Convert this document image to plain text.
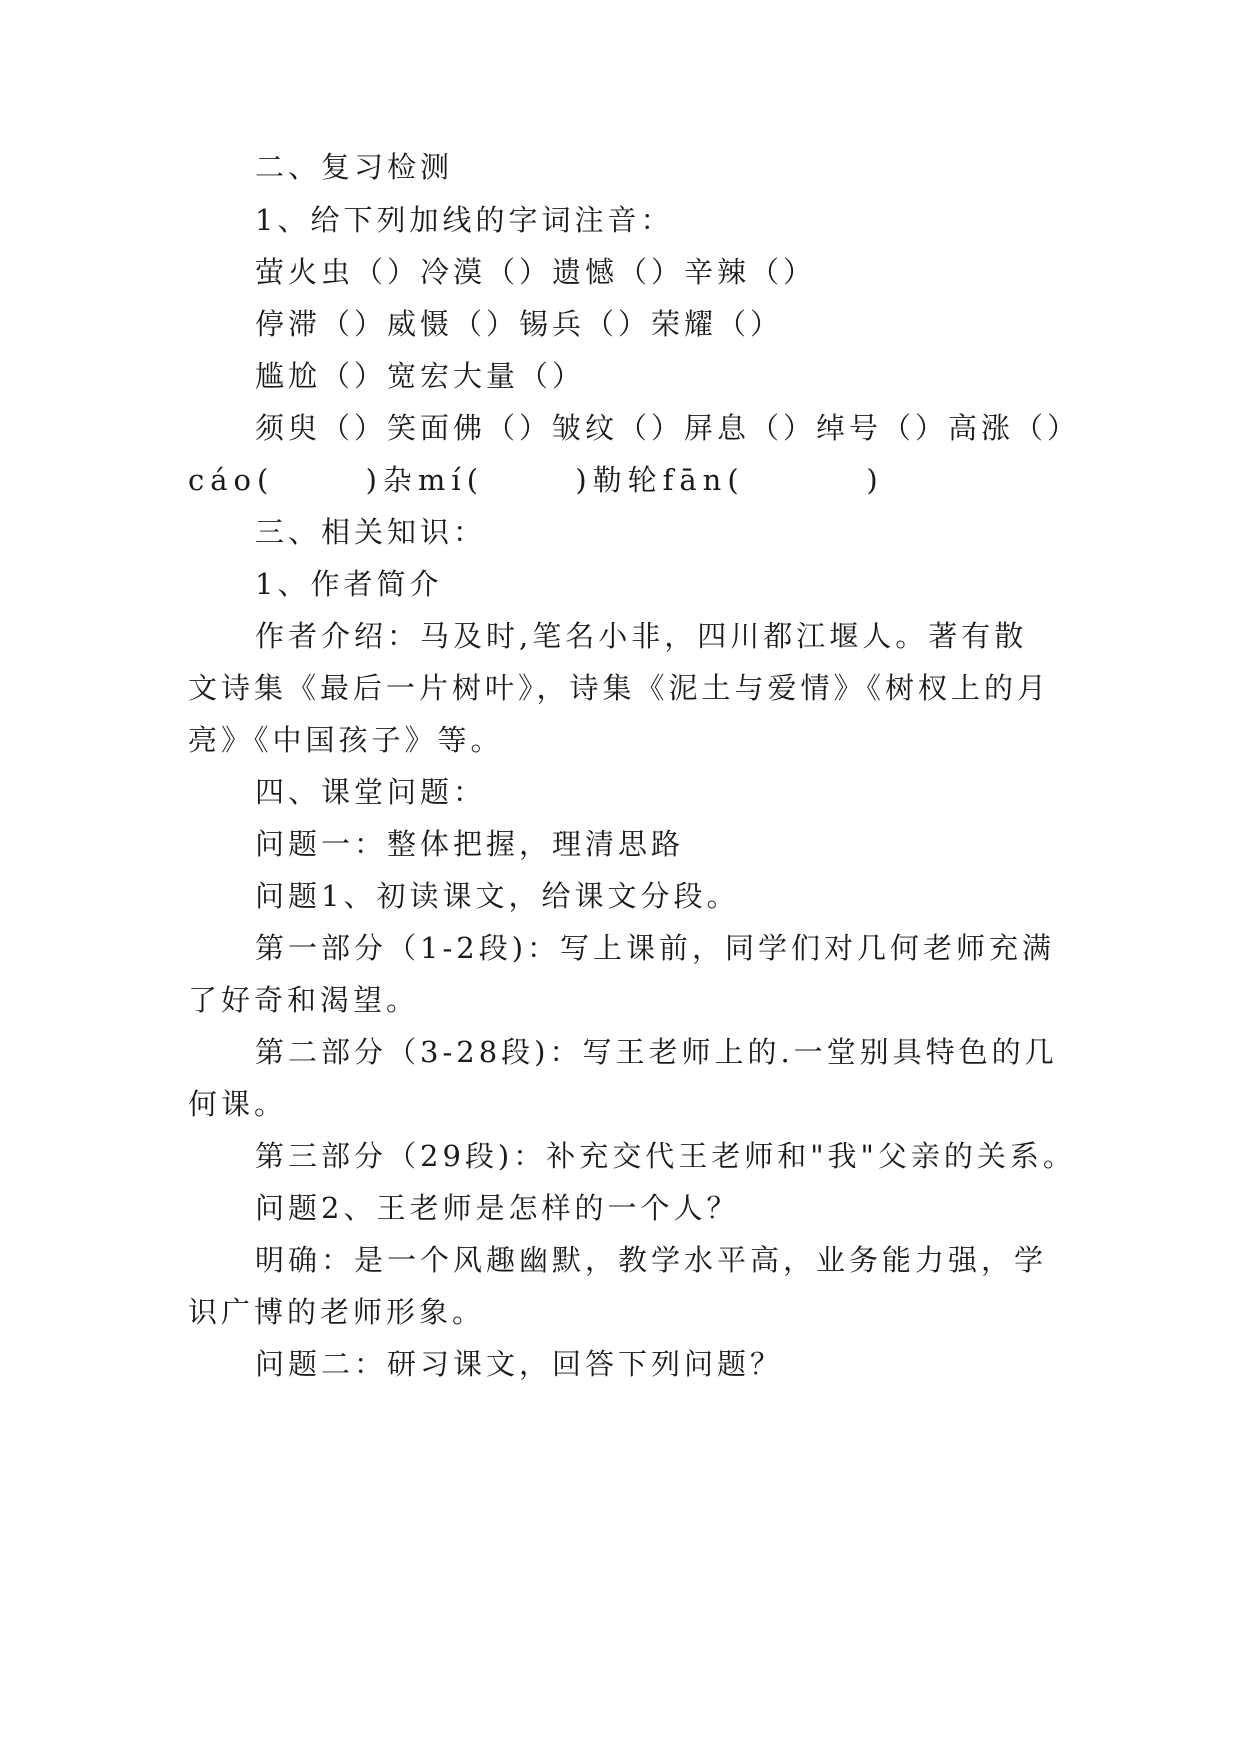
二、复习检测
1、给下列加线的字词注音：
萤火虫（）冷漠（）遗憾（）辛辣（）
停滞（）威慑（）锡兵（）荣耀（）
尴尬（）宽宏大量（）
须臾（）笑面佛（）皱纹（）屏息（）绰号（）高涨（）
cáo(      )杂mí(      )勒轮fān(        )
三、相关知识：
1、作者简介
作者介绍：马及时,笔名小非，四川都江堰人。著有散
文诗集《最后一片树叶》，诗集《泥土与爱情》《树杈上的月
亮》《中国孩子》等。
四、课堂问题：
问题一：整体把握，理清思路
问题1、初读课文，给课文分段。
第一部分（1-2段)：写上课前，同学们对几何老师充满
了好奇和渴望。
第二部分（3-28段)：写王老师上的.一堂别具特色的几
何课。
第三部分（29段)：补充交代王老师和"我"父亲的关系。
问题2、王老师是怎样的一个人？
明确：是一个风趣幽默，教学水平高，业务能力强，学
识广博的老师形象。
问题二：研习课文，回答下列问题？
